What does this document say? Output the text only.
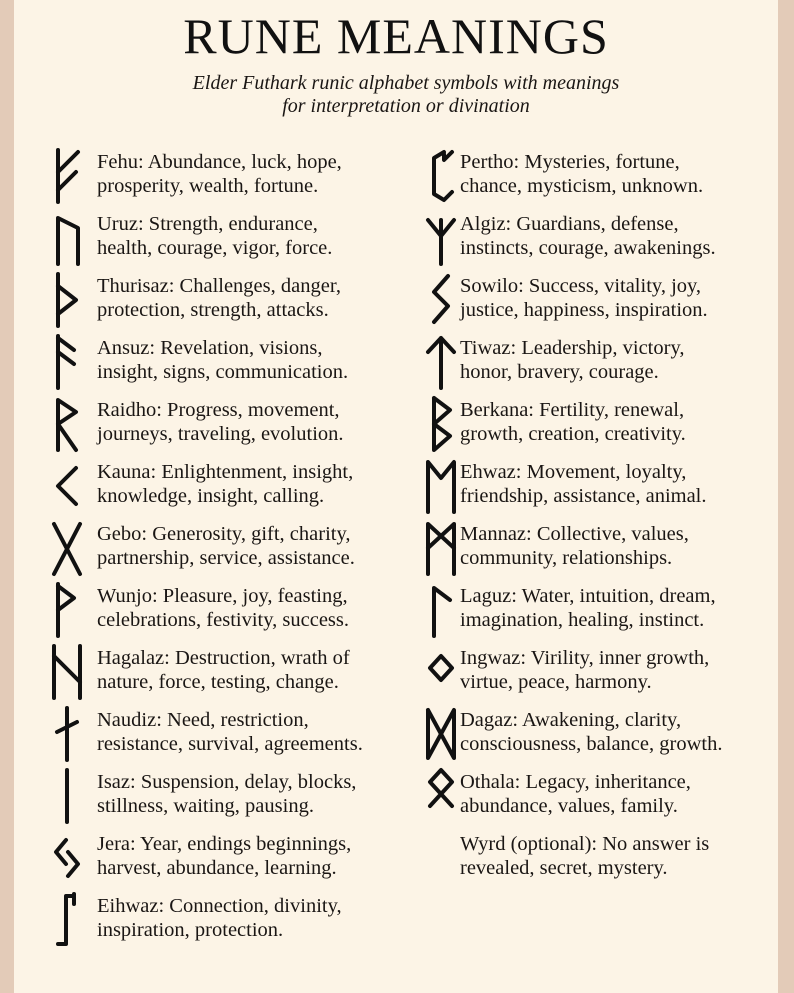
RUNE MEANINGS
Elder Futhark runic alphabet symbols with meanings
for interpretation or divination
Fehu: Abundance, luck, hope,
prosperity, wealth, fortune.
Uruz: Strength, endurance,
health, courage, vigor, force.
Thurisaz: Challenges, danger,
protection, strength, attacks.
Ansuz: Revelation, visions,
insight, signs, communication.
Raidho: Progress, movement,
journeys, traveling, evolution.
Kauna: Enlightenment, insight,
knowledge, insight, calling.
Gebo: Generosity, gift, charity,
partnership, service, assistance.
Wunjo: Pleasure, joy, feasting,
celebrations, festivity, success.
Hagalaz: Destruction, wrath of
nature, force, testing, change.
Naudiz: Need, restriction,
resistance, survival, agreements.
Isaz: Suspension, delay, blocks,
stillness, waiting, pausing.
Jera: Year, endings beginnings,
harvest, abundance, learning.
Eihwaz: Connection, divinity,
inspiration, protection.
Pertho: Mysteries, fortune,
chance, mysticism, unknown.
Algiz: Guardians, defense,
instincts, courage, awakenings.
Sowilo: Success, vitality, joy,
justice, happiness, inspiration.
Tiwaz: Leadership, victory,
honor, bravery, courage.
Berkana: Fertility, renewal,
growth, creation, creativity.
Ehwaz: Movement, loyalty,
friendship, assistance, animal.
Mannaz: Collective, values,
community, relationships.
Laguz: Water, intuition, dream,
imagination, healing, instinct.
Ingwaz: Virility, inner growth,
virtue, peace, harmony.
Dagaz: Awakening, clarity,
consciousness, balance, growth.
Othala: Legacy, inheritance,
abundance, values, family.
Wyrd (optional): No answer is
revealed, secret, mystery.
